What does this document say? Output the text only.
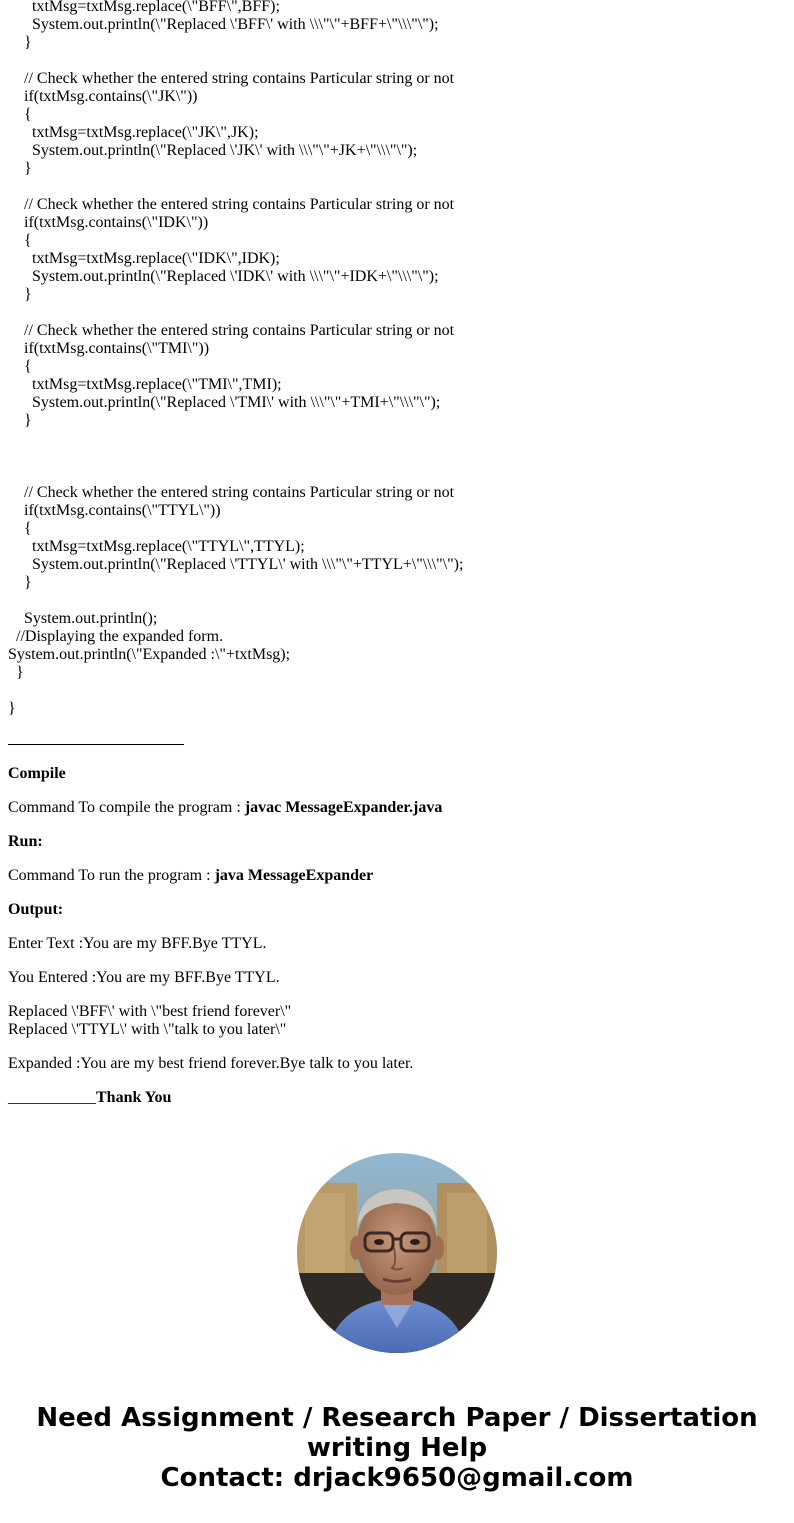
txtMsg=txtMsg.replace(\"BFF\",BFF);
System.out.println(\"Replaced \'BFF\' with \\\"\"+BFF+\"\\\"\");
}
// Check whether the entered string contains Particular string or not
if(txtMsg.contains(\"JK\"))
{
txtMsg=txtMsg.replace(\"JK\",JK);
System.out.println(\"Replaced \'JK\' with \\\"\"+JK+\"\\\"\");
}
// Check whether the entered string contains Particular string or not
if(txtMsg.contains(\"IDK\"))
{
txtMsg=txtMsg.replace(\"IDK\",IDK);
System.out.println(\"Replaced \'IDK\' with \\\"\"+IDK+\"\\\"\");
}
// Check whether the entered string contains Particular string or not
if(txtMsg.contains(\"TMI\"))
{
txtMsg=txtMsg.replace(\"TMI\",TMI);
System.out.println(\"Replaced \'TMI\' with \\\"\"+TMI+\"\\\"\");
}
// Check whether the entered string contains Particular string or not
if(txtMsg.contains(\"TTYL\"))
{
txtMsg=txtMsg.replace(\"TTYL\",TTYL);
System.out.println(\"Replaced \'TTYL\' with \\\"\"+TTYL+\"\\\"\");
}
System.out.println();
//Displaying the expanded form.
System.out.println(\"Expanded :\"+txtMsg);
}
}
Compile
Command To compile the program : javac MessageExpander.java
Run:
Command To run the program : java MessageExpander
Output:
Enter Text :You are my BFF.Bye TTYL.
You Entered :You are my BFF.Bye TTYL.
Replaced \'BFF\' with \"best friend forever\"
Replaced \'TTYL\' with \"talk to you later\"
Expanded :You are my best friend forever.Bye talk to you later.
___________Thank You
Need Assignment / Research Paper / Dissertation
writing Help
Contact: drjack9650@gmail.com
